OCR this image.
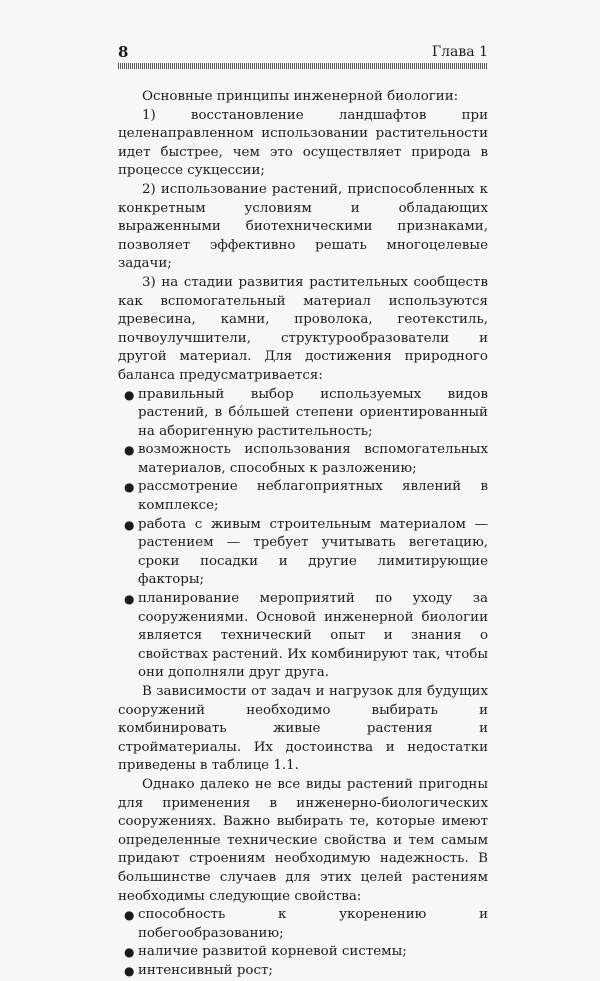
8	Глава 1

Основные принципы инженерной биологии:

1) восстановление ландшафтов при целенаправленном использовании растительности идет быстрее, чем это осуществляет природа в процессе сукцессии;

2) использование растений, приспособленных к конкретным условиям и обладающих выраженными биотехническими признаками, позволяет эффективно решать многоцелевые задачи;

3) на стадии развития растительных сообществ как вспомогательный материал используются древесина, камни, проволока, геотекстиль, почвоулучшители, структурообразователи и другой материал. Для достижения природного баланса предусматривается:

● правильный выбор используемых видов растений, в бóльшей степени ориентированный на аборигенную растительность;
● возможность использования вспомогательных материалов, способных к разложению;
● рассмотрение неблагоприятных явлений в комплексе;
● работа с живым строительным материалом — растением — требует учитывать вегетацию, сроки посадки и другие лимитирующие факторы;
● планирование мероприятий по уходу за сооружениями. Основой инженерной биологии является технический опыт и знания о свойствах растений. Их комбинируют так, чтобы они дополняли друг друга.

В зависимости от задач и нагрузок для будущих сооружений необходимо выбирать и комбинировать живые растения и стройматериалы. Их достоинства и недостатки приведены в таблице 1.1.

Однако далеко не все виды растений пригодны для применения в инженерно-биологических сооружениях. Важно выбирать те, которые имеют определенные технические свойства и тем самым придают строениям необходимую надежность. В большинстве случаев для этих целей растениям необходимы следующие свойства:

● способность к укоренению и побегообразованию;
● наличие развитой корневой системы;
● интенсивный рост;
